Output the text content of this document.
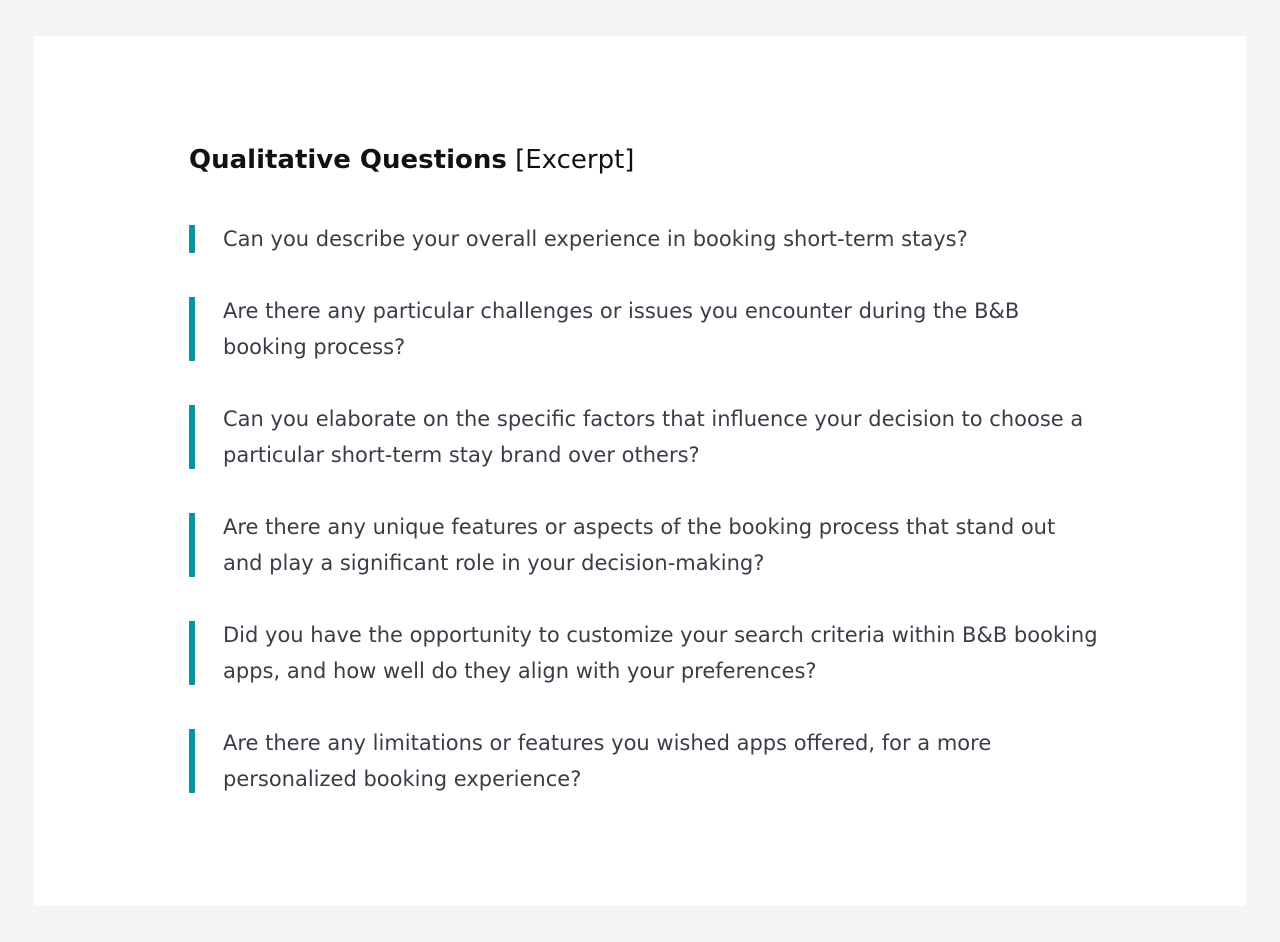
Qualitative Questions [Excerpt]
Can you describe your overall experience in booking short-term stays?
Are there any particular challenges or issues you encounter during the B&B booking process?
Can you elaborate on the specific factors that influence your decision to choose a particular short-term stay brand over others?
Are there any unique features or aspects of the booking process that stand out and play a significant role in your decision-making?
Did you have the opportunity to customize your search criteria within B&B booking apps, and how well do they align with your preferences?
Are there any limitations or features you wished apps offered, for a more personalized booking experience?
